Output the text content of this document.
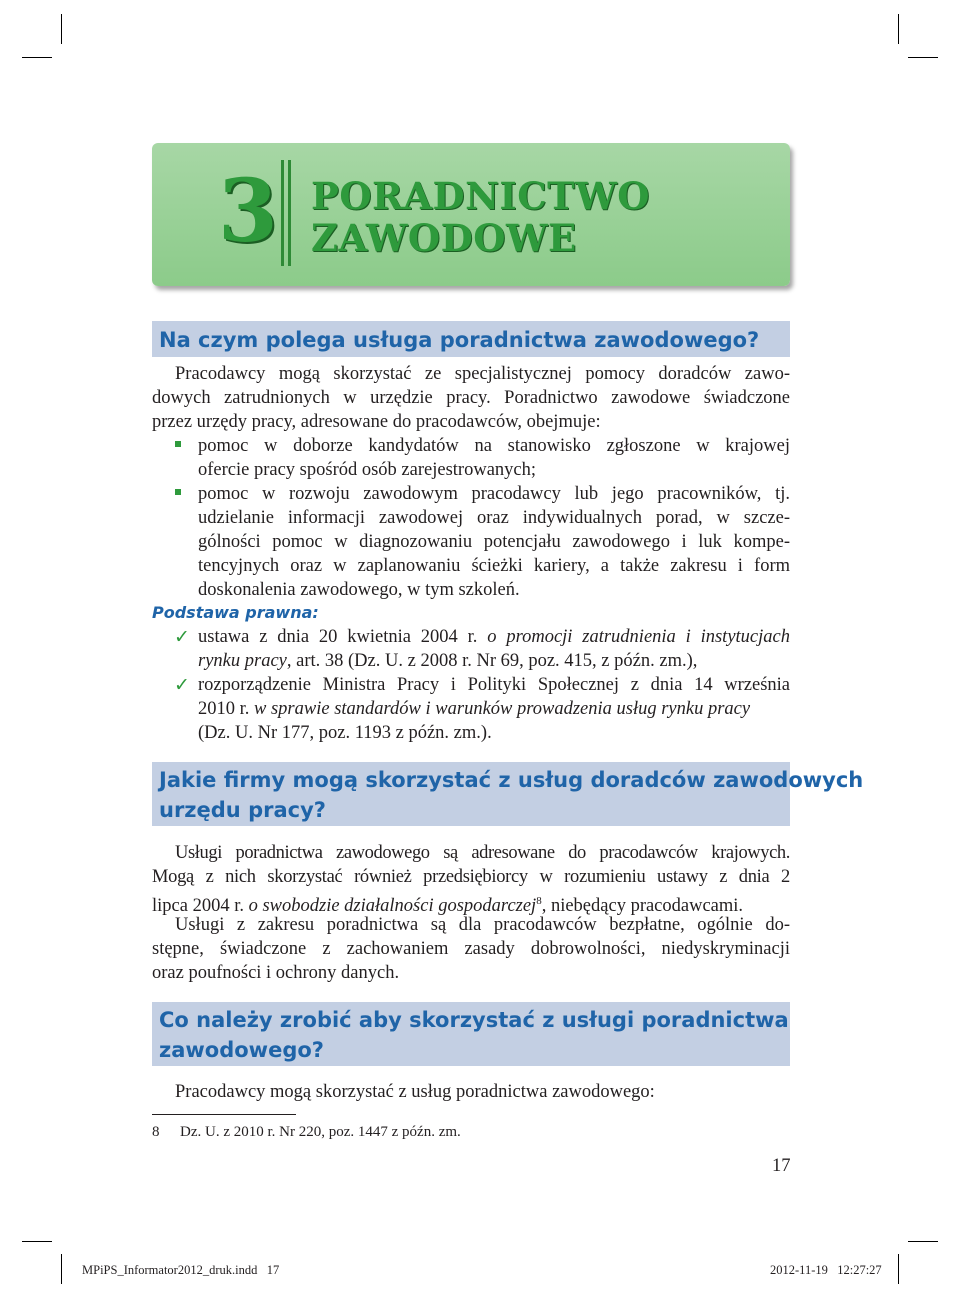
3 PORADNICTWO
ZAWODOWE
Na czym polega usługa poradnictwa zawodowego?
Pracodawcy mogą skorzystać ze specjalistycznej pomocy doradców zawo-
dowych zatrudnionych w urzędzie pracy. Poradnictwo zawodowe świadczone
przez urzędy pracy, adresowane do pracodawców, obejmuje:
pomoc w doborze kandydatów na stanowisko zgłoszone w krajowej
ofercie pracy spośród osób zarejestrowanych;
pomoc w rozwoju zawodowym pracodawcy lub jego pracowników, tj.
udzielanie informacji zawodowej oraz indywidualnych porad, w szcze-
gólności pomoc w diagnozowaniu potencjału zawodowego i luk kompe-
tencyjnych oraz w zaplanowaniu ścieżki kariery, a także zakresu i form
doskonalenia zawodowego, w tym szkoleń.
Podstawa prawna:
✓ ustawa z dnia 20 kwietnia 2004 r. o promocji zatrudnienia i instytucjach
rynku pracy, art. 38 (Dz. U. z 2008 r. Nr 69, poz. 415, z późn. zm.),
✓ rozporządzenie Ministra Pracy i Polityki Społecznej z dnia 14 września
2010 r. w sprawie standardów i warunków prowadzenia usług rynku pracy
(Dz. U. Nr 177, poz. 1193 z późn. zm.).
Jakie firmy mogą skorzystać z usług doradców zawodowych
urzędu pracy?
Usługi poradnictwa zawodowego są adresowane do pracodawców krajowych.
Mogą z nich skorzystać również przedsiębiorcy w rozumieniu ustawy z dnia 2
lipca 2004 r. o swobodzie działalności gospodarczej$^8$, niebędący pracodawcami.
Usługi z zakresu poradnictwa są dla pracodawców bezpłatne, ogólnie do-
stępne, świadczone z zachowaniem zasady dobrowolności, niedyskryminacji
oraz poufności i ochrony danych.
Co należy zrobić aby skorzystać z usługi poradnictwa
zawodowego?
Pracodawcy mogą skorzystać z usług poradnictwa zawodowego:
8 Dz. U. z 2010 r. Nr 220, poz. 1447 z późn. zm.
17
MPiPS_Informator2012_druk.indd   17	2012-11-19   12:27:27
